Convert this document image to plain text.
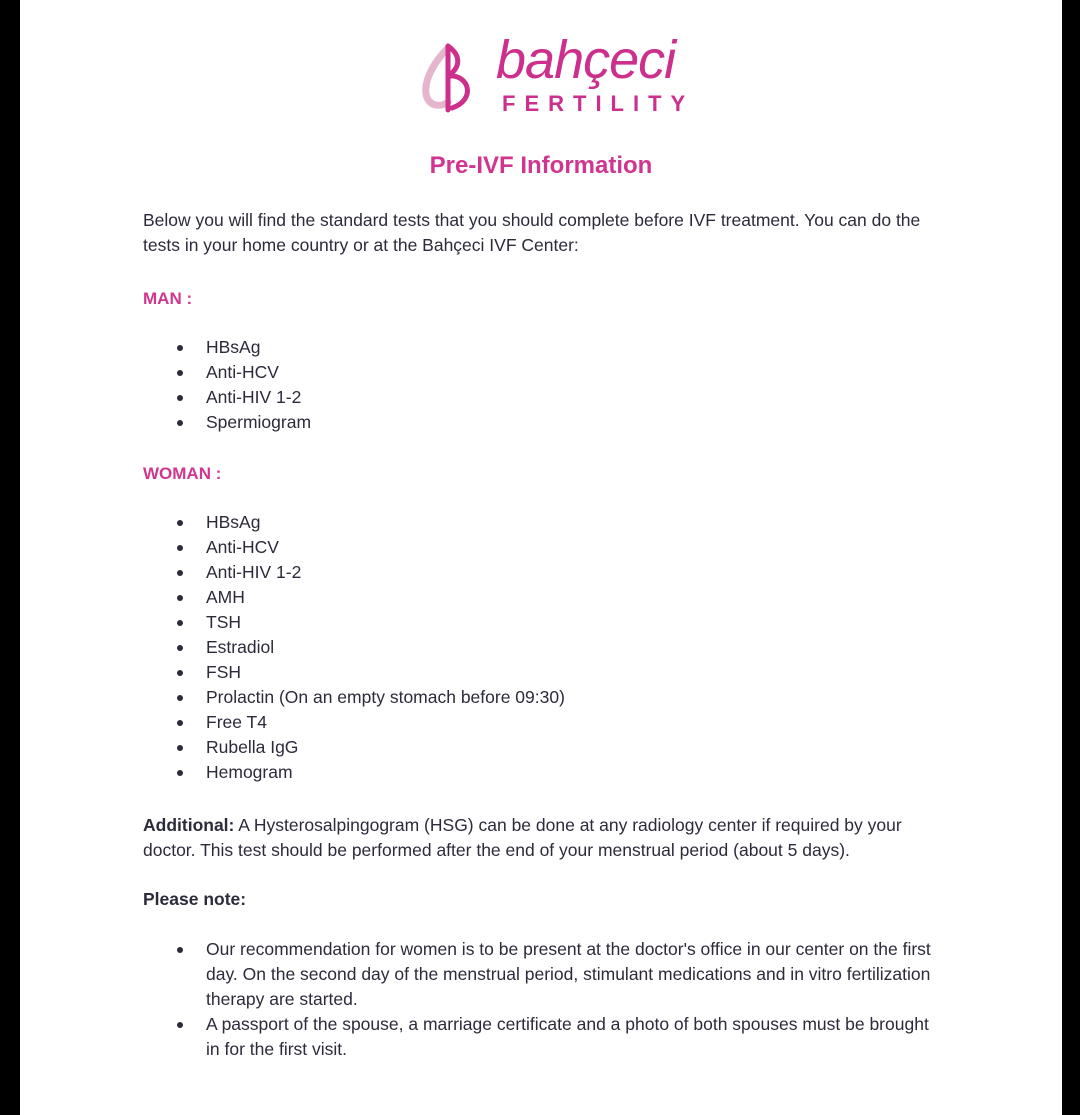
bahçeci
FERTILITY
Pre-IVF Information
Below you will find the standard tests that you should complete before IVF treatment. You can do the tests in your home country or at the Bahçeci IVF Center:
MAN :
HBsAg
Anti-HCV
Anti-HIV 1-2
Spermiogram
WOMAN :
HBsAg
Anti-HCV
Anti-HIV 1-2
AMH
TSH
Estradiol
FSH
Prolactin (On an empty stomach before 09:30)
Free T4
Rubella IgG
Hemogram
Additional: A Hysterosalpingogram (HSG) can be done at any radiology center if required by your doctor. This test should be performed after the end of your menstrual period (about 5 days).
Please note:
Our recommendation for women is to be present at the doctor's office in our center on the first day. On the second day of the menstrual period, stimulant medications and in vitro fertilization therapy are started.
A passport of the spouse, a marriage certificate and a photo of both spouses must be brought in for the first visit.
